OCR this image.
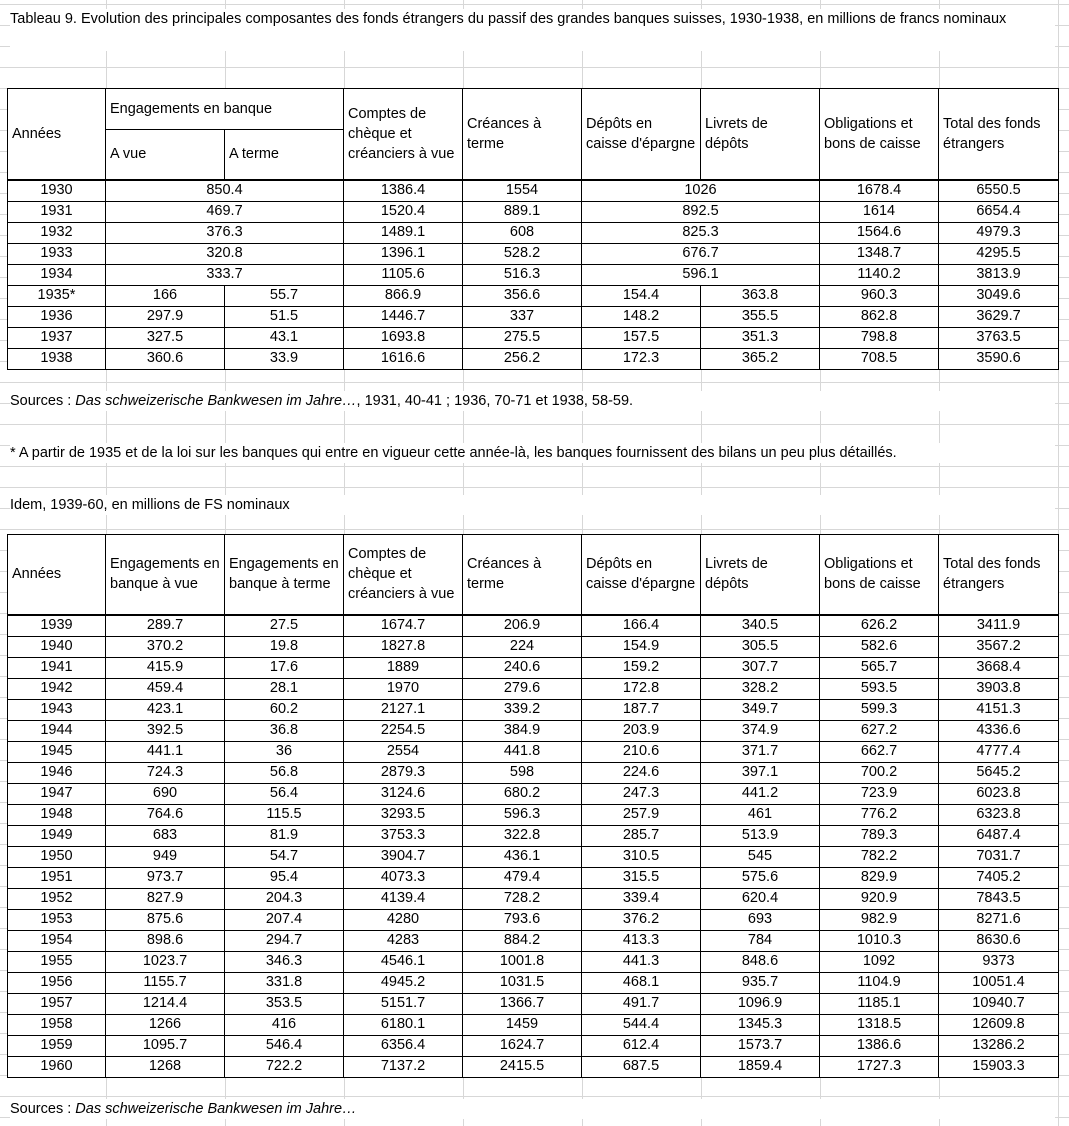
Tableau 9. Evolution des principales composantes des fonds étrangers du passif des grandes banques suisses, 1930-1938, en millions de francs nominaux
Années	Engagements en banque		Comptes de chèque et créanciers à vue	Créances à terme	Dépôts en caisse d'épargne	Livrets de dépôts	Obligations et bons de caisse	Total des fonds étrangers
	A vue	A terme						
1930	850.4		1386.4	1554	1026		1678.4	6550.5
1931	469.7		1520.4	889.1	892.5		1614	6654.4
1932	376.3		1489.1	608	825.3		1564.6	4979.3
1933	320.8		1396.1	528.2	676.7		1348.7	4295.5
1934	333.7		1105.6	516.3	596.1		1140.2	3813.9
1935*	166	55.7	866.9	356.6	154.4	363.8	960.3	3049.6
1936	297.9	51.5	1446.7	337	148.2	355.5	862.8	3629.7
1937	327.5	43.1	1693.8	275.5	157.5	351.3	798.8	3763.5
1938	360.6	33.9	1616.6	256.2	172.3	365.2	708.5	3590.6
Sources : Das schweizerische Bankwesen im Jahre…, 1931, 40-41 ; 1936, 70-71 et 1938, 58-59.
* A partir de 1935 et de la loi sur les banques qui entre en vigueur cette année-là, les banques fournissent des bilans un peu plus détaillés.
Idem, 1939-60, en millions de FS nominaux
Années	Engagements en banque à vue	Engagements en banque à terme	Comptes de chèque et créanciers à vue	Créances à terme	Dépôts en caisse d'épargne	Livrets de dépôts	Obligations et bons de caisse	Total des fonds étrangers
1939	289.7	27.5	1674.7	206.9	166.4	340.5	626.2	3411.9
1940	370.2	19.8	1827.8	224	154.9	305.5	582.6	3567.2
1941	415.9	17.6	1889	240.6	159.2	307.7	565.7	3668.4
1942	459.4	28.1	1970	279.6	172.8	328.2	593.5	3903.8
1943	423.1	60.2	2127.1	339.2	187.7	349.7	599.3	4151.3
1944	392.5	36.8	2254.5	384.9	203.9	374.9	627.2	4336.6
1945	441.1	36	2554	441.8	210.6	371.7	662.7	4777.4
1946	724.3	56.8	2879.3	598	224.6	397.1	700.2	5645.2
1947	690	56.4	3124.6	680.2	247.3	441.2	723.9	6023.8
1948	764.6	115.5	3293.5	596.3	257.9	461	776.2	6323.8
1949	683	81.9	3753.3	322.8	285.7	513.9	789.3	6487.4
1950	949	54.7	3904.7	436.1	310.5	545	782.2	7031.7
1951	973.7	95.4	4073.3	479.4	315.5	575.6	829.9	7405.2
1952	827.9	204.3	4139.4	728.2	339.4	620.4	920.9	7843.5
1953	875.6	207.4	4280	793.6	376.2	693	982.9	8271.6
1954	898.6	294.7	4283	884.2	413.3	784	1010.3	8630.6
1955	1023.7	346.3	4546.1	1001.8	441.3	848.6	1092	9373
1956	1155.7	331.8	4945.2	1031.5	468.1	935.7	1104.9	10051.4
1957	1214.4	353.5	5151.7	1366.7	491.7	1096.9	1185.1	10940.7
1958	1266	416	6180.1	1459	544.4	1345.3	1318.5	12609.8
1959	1095.7	546.4	6356.4	1624.7	612.4	1573.7	1386.6	13286.2
1960	1268	722.2	7137.2	2415.5	687.5	1859.4	1727.3	15903.3
Sources : Das schweizerische Bankwesen im Jahre…
